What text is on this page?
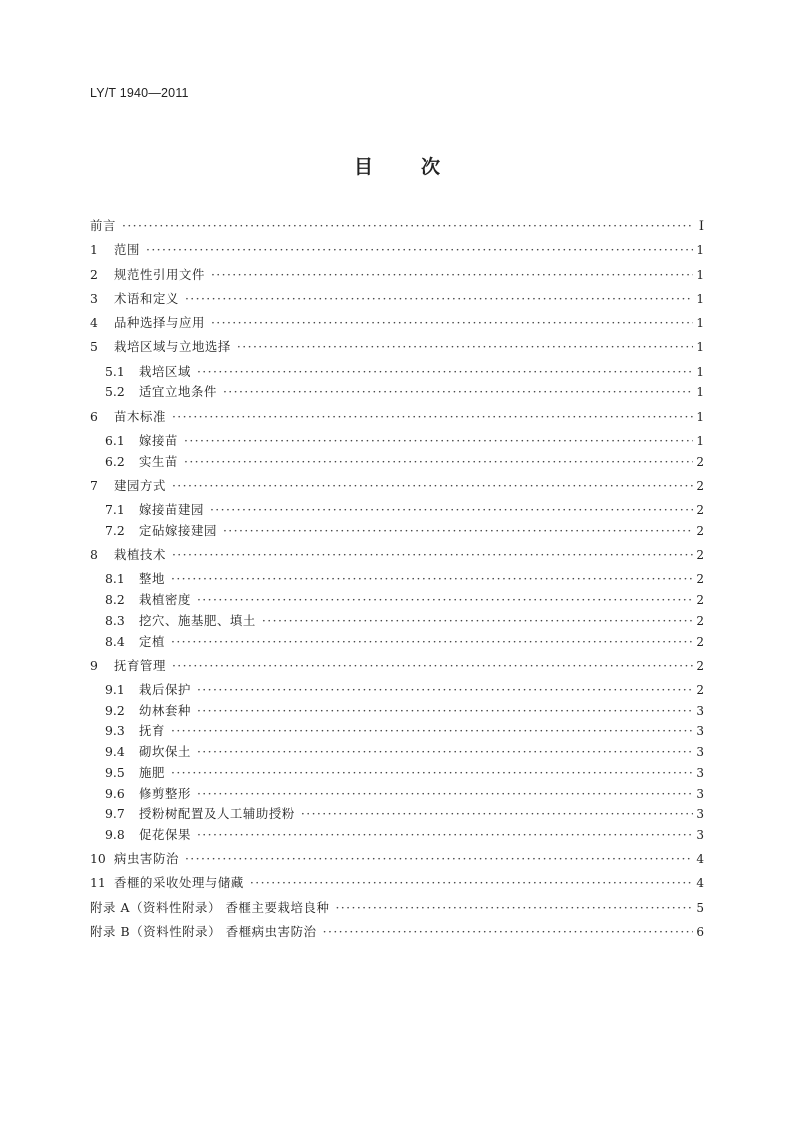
LY/T 1940—2011
目次
前言 ·····	Ⅰ
1	范围 ·····	1
2	规范性引用文件 ·····	1
3	术语和定义 ·····	1
4	品种选择与应用 ·····	1
5	栽培区域与立地选择 ·····	1
5.1	栽培区域 ·····	1
5.2	适宜立地条件 ·····	1
6	苗木标准 ·····	1
6.1	嫁接苗 ·····	1
6.2	实生苗 ·····	2
7	建园方式 ·····	2
7.1	嫁接苗建园 ·····	2
7.2	定砧嫁接建园 ·····	2
8	栽植技术 ·····	2
8.1	整地 ·····	2
8.2	栽植密度 ·····	2
8.3	挖穴、施基肥、填土 ·····	2
8.4	定植 ·····	2
9	抚育管理 ·····	2
9.1	栽后保护 ·····	2
9.2	幼林套种 ·····	3
9.3	抚育 ·····	3
9.4	砌坎保土 ·····	3
9.5	施肥 ·····	3
9.6	修剪整形 ·····	3
9.7	授粉树配置及人工辅助授粉 ·····	3
9.8	促花保果 ·····	3
10 病虫害防治 ·····	4
11 香榧的采收处理与储藏 ·····	4
附录 A（资料性附录） 香榧主要栽培良种 ·····	5
附录 B（资料性附录） 香榧病虫害防治 ·····	6
